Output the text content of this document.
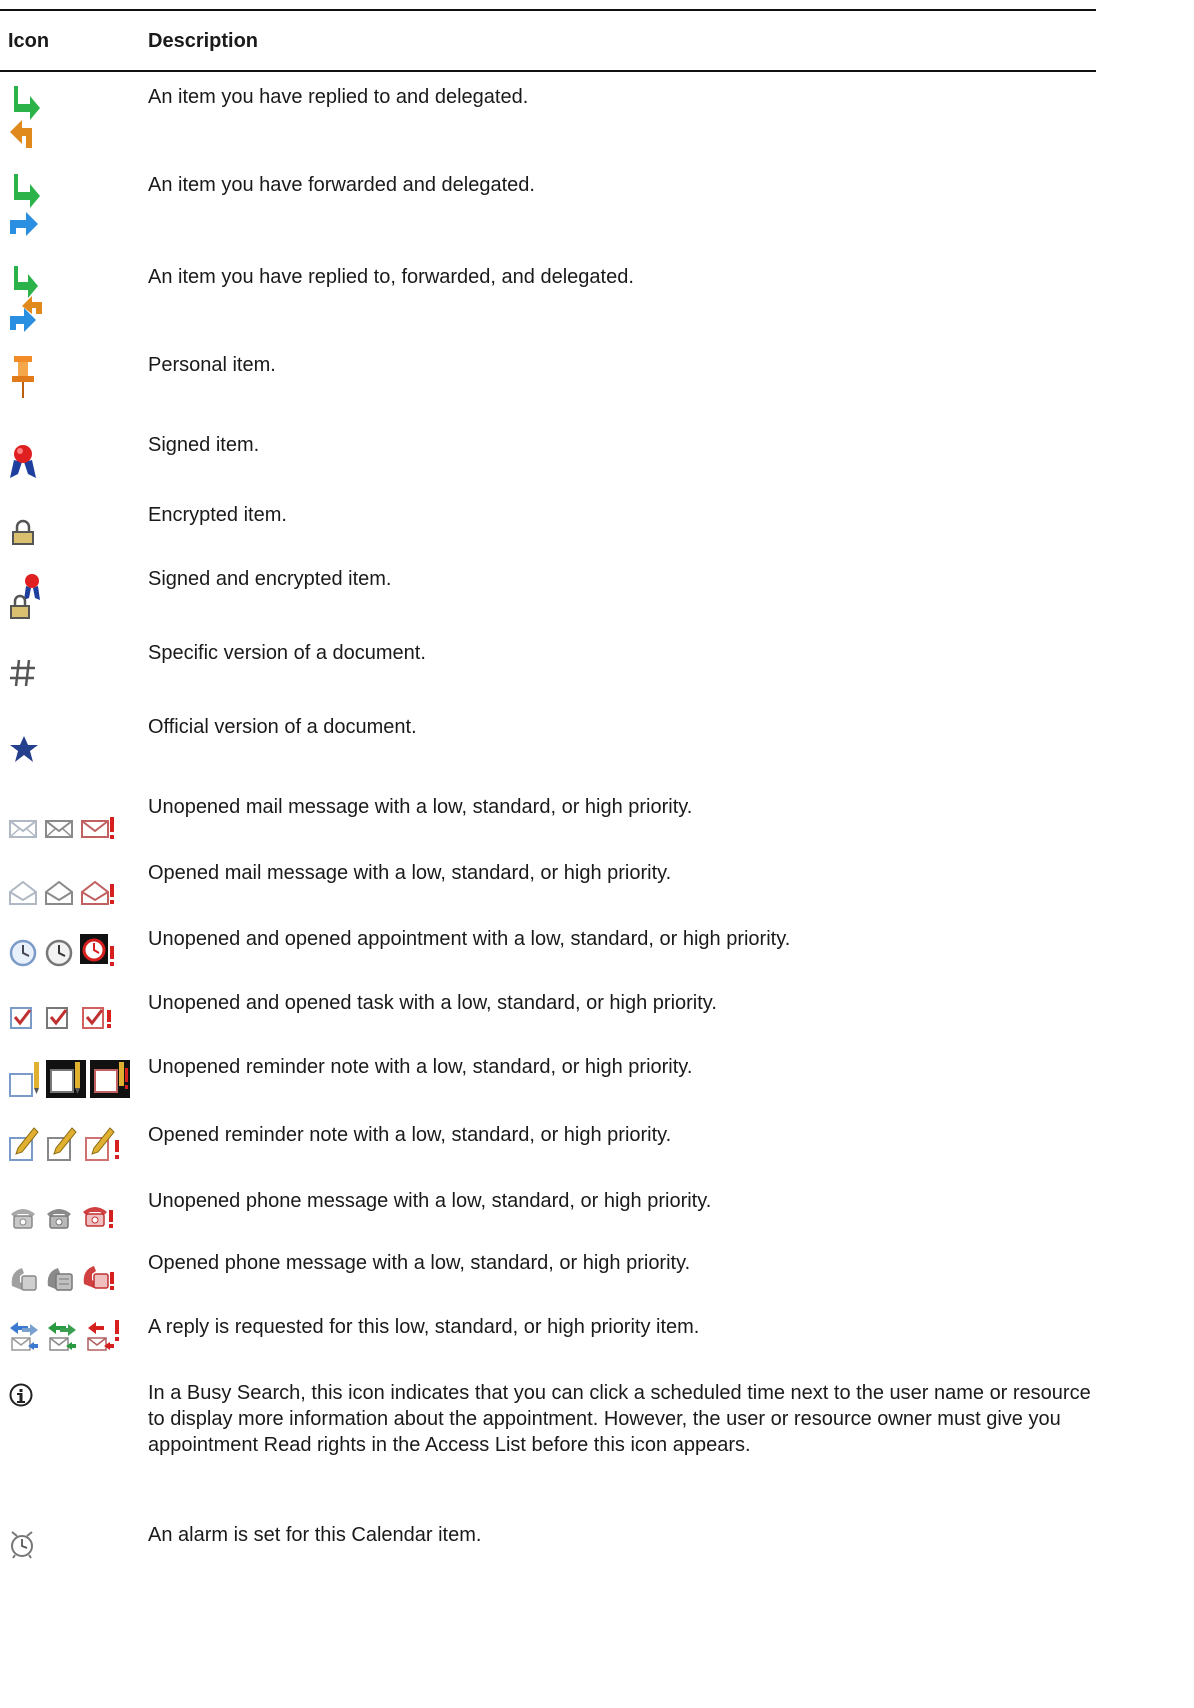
Icon	Description
An item you have replied to and delegated.
An item you have forwarded and delegated.
An item you have replied to, forwarded, and delegated.
Personal item.
Signed item.
Encrypted item.
Signed and encrypted item.
Specific version of a document.
Official version of a document.
Unopened mail message with a low, standard, or high priority.
Opened mail message with a low, standard, or high priority.
Unopened and opened appointment with a low, standard, or high priority.
Unopened and opened task with a low, standard, or high priority.
Unopened reminder note with a low, standard, or high priority.
Opened reminder note with a low, standard, or high priority.
Unopened phone message with a low, standard, or high priority.
Opened phone message with a low, standard, or high priority.
A reply is requested for this low, standard, or high priority item.
In a Busy Search, this icon indicates that you can click a scheduled time next to the user name or resource to display more information about the appointment. However, the user or resource owner must give you appointment Read rights in the Access List before this icon appears.
An alarm is set for this Calendar item.
